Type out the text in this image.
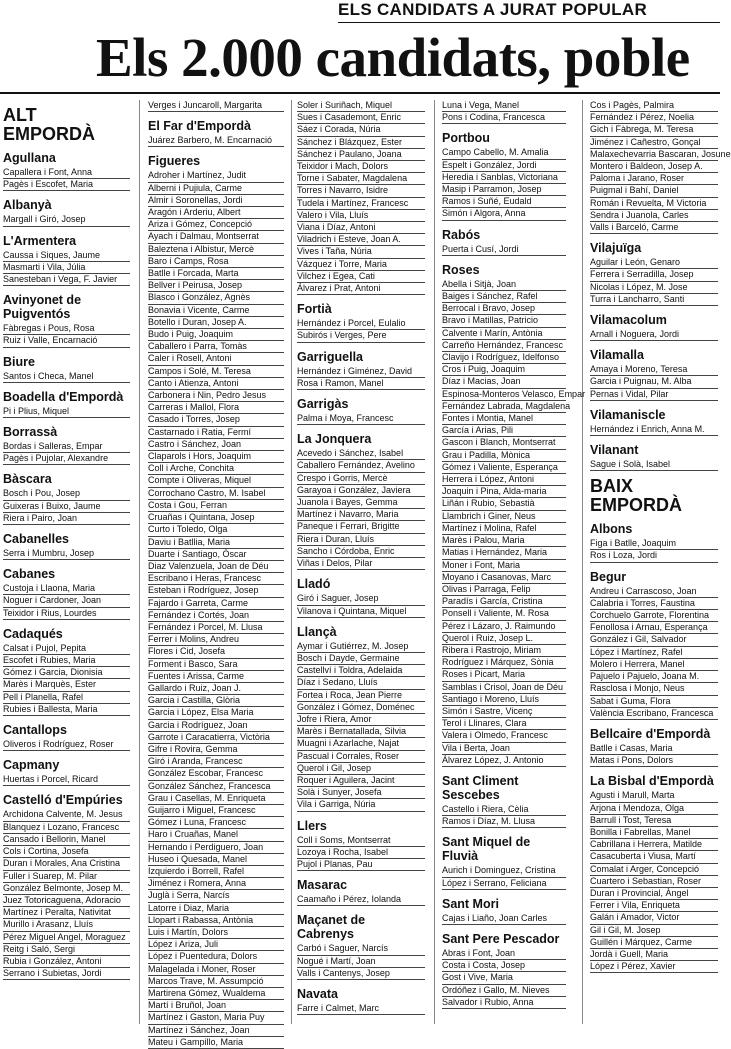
ELS CANDIDATS A JURAT POPULAR
Els 2.000 candidats, poble
ALT EMPORDÀ
Agullana
Capallera i Font, Anna
Pagès i Escofet, Maria
Albanyà
Margall i Giró, Josep
L'Armentera
Caussa i Siques, Jaume
Masmarti i Vila, Júlia
Sanesteban i Vega, F. Javier
Avinyonet de Puigventós
Fàbregas i Pous, Rosa
Ruiz i Valle, Encarnació
Biure
Santos i Checa, Manel
Boadella d'Empordà
Pi i Plius, Miquel
Borrassà
Bordas i Salleras, Empar
Pagès i Pujolar, Alexandre
Bàscara
Bosch i Pou, Josep
Guixeras i Buixo, Jaume
Riera i Pairo, Joan
Cabanelles
Serra i Mumbru, Josep
Cabanes
Custoja i Llaona, Maria
Noguer i Cardoner, Joan
Teixidor i Rius, Lourdes
Cadaqués
Calsat i Pujol, Pepita
Escofet i Rubies, Maria
Gómez i Garcia, Dionisia
Marès i Marquès, Ester
Pell i Planella, Rafel
Rubies i Ballesta, Maria
Cantallops
Oliveros i Rodríguez, Roser
Capmany
Huertas i Porcel, Ricard
Castelló d'Empúries
Archidona Calvente, M. Jesus
Blanquez i Lozano, Francesc
Cansado i Bellorin, Manel
Cols i Cortina, Josefa
Duran i Morales, Ana Cristina
Fuller i Suarep, M. Pilar
González Belmonte, Josep M.
Juez Totoricaguena, Adoracio
Martínez i Peralta, Nativitat
Murillo i Arasanz, Lluís
Pérez Miguel Angel, Moraguez
Reitg i Saló, Sergi
Rubia i González, Antoni
Serrano i Subietas, Jordi
Verges i Juncaroll, Margarita
El Far d'Empordà
Juárez Barbero, M. Encarnació
Figueres
Adroher i Martínez, Judit
Alberni i Pujiula, Carme
Almir i Soronellas, Jordi
Aragón i Arderiu, Albert
Ariza i Gómez, Concepció
Ayach i Dalmau, Montserrat
Baleztena i Albistur, Mercè
Baro i Camps, Rosa
Batlle i Forcada, Marta
Bellver i Peirusa, Josep
Blasco i González, Agnès
Bonavia i Vicente, Carme
Botello i Duran, Josep A.
Budo i Puig, Joaquim
Caballero i Parra, Tomàs
Caler i Rosell, Antoni
Campos i Solé, M. Teresa
Canto i Atienza, Antoni
Carbonera i Nin, Pedro Jesus
Carreras i Mallol, Flora
Casado i Torres, Josep
Castarnado i Ratia, Fermí
Castro i Sánchez, Joan
Claparols i Hors, Joaquim
Coll i Arche, Conchita
Compte i Oliveras, Miquel
Corrochano Castro, M. Isabel
Costa i Gou, Ferran
Cruañas i Quintana, Josep
Curto i Toledo, Olga
Daviu i Batllia, Maria
Duarte i Santiago, Òscar
Diaz Valenzuela, Joan de Déu
Escribano i Heras, Francesc
Esteban i Rodríguez, Josep
Fajardo i Garreta, Carme
Fernández i Cortés, Joan
Fernández i Porcel, M. Llusa
Ferrer i Molins, Andreu
Flores i Cid, Josefa
Forment i Basco, Sara
Fuentes i Arissa, Carme
Gallardo i Ruiz, Joan J.
Garcia i Castilla, Glòria
Garcia i López, Elsa Maria
Garcia i Rodríguez, Joan
Garrote i Caracatierra, Victòria
Gifre i Rovira, Gemma
Giró i Aranda, Francesc
González Escobar, Francesc
González Sánchez, Francesca
Grau i Casellas, M. Enriqueta
Guijarro i Miguel, Francesc
Gómez i Luna, Francesc
Haro i Cruañas, Manel
Hernando i Perdiguero, Joan
Huseo i Quesada, Manel
Izquierdo i Borrell, Rafel
Jiménez i Romera, Anna
Juglà i Serra, Narcís
Latorre i Diaz, Maria
Llopart i Rabassa, Antònia
Luis i Martín, Dolors
López i Ariza, Juli
López i Puentedura, Dolors
Malagelada i Moner, Roser
Marcos Trave, M. Assumpció
Martirena Gómez, Wualdema
Martí i Bruñol, Joan
Martínez i Gaston, Maria Puy
Martínez i Sánchez, Joan
Mateu i Gampillo, Maria
Soler i Suriñach, Miquel
Sues i Casademont, Enric
Sáez i Corada, Núria
Sánchez i Blázquez, Ester
Sánchez i Paulano, Joana
Teixidor i Mach, Dolors
Torne i Sabater, Magdalena
Torres i Navarro, Isidre
Tudela i Martínez, Francesc
Valero i Vila, Lluís
Viana i Díaz, Antoni
Viladrich i Esteve, Joan A.
Vives i Taña, Núria
Vázquez i Torre, Maria
Vilchez i Egea, Cati
Álvarez i Prat, Antoni
Fortià
Hernández i Porcel, Eulalio
Subirós i Verges, Pere
Garriguella
Hernández i Giménez, David
Rosa i Ramon, Manel
Garrigàs
Palma i Moya, Francesc
La Jonquera
Acevedo i Sánchez, Isabel
Caballero Fernández, Avelino
Crespo i Gorris, Mercè
Garayoa i González, Javiera
Juanola i Bayes, Gemma
Martínez i Navarro, Maria
Paneque i Ferrari, Brigitte
Riera i Duran, Lluís
Sancho i Córdoba, Enric
Viñas i Delos, Pilar
Lladó
Giró i Saguer, Josep
Vilanova i Quintana, Miquel
Llançà
Aymar i Gutiérrez, M. Josep
Bosch i Dayde, Germaine
Castellví i Toldra, Adelaida
Díaz i Sedano, Lluís
Fortea i Roca, Jean Pierre
González i Gómez, Doménec
Jofre i Riera, Amor
Marès i Bernatallada, Silvia
Muagni i Azarlache, Najat
Pascual i Corrales, Roser
Querol i Gil, Josep
Roquer i Aguilera, Jacint
Solà i Sunyer, Josefa
Vila i Garriga, Núria
Llers
Coll i Soms, Montserrat
Lozoya i Rocha, Isabel
Pujol i Planas, Pau
Masarac
Caamaño i Pérez, Iolanda
Maçanet de Cabrenys
Carbó i Saguer, Narcís
Nogué i Martí, Joan
Valls i Cantenys, Josep
Navata
Farre i Calmet, Marc
Luna i Vega, Manel
Pons i Codina, Francesca
Portbou
Campo Cabello, M. Amalia
Espelt i González, Jordi
Heredia i Sanblas, Victoriana
Masip i Parramon, Josep
Ramos i Suñé, Eudald
Simón i Algora, Anna
Rabós
Puerta i Cusí, Jordi
Roses
Abella i Sitjà, Joan
Baiges i Sánchez, Rafel
Berrocal i Bravo, Josep
Bravo i Matillas, Patricio
Calvente i Marín, Antònia
Carreño Hernández, Francesc
Clavijo i Rodríguez, Idelfonso
Cros i Puig, Joaquim
Díaz i Macias, Joan
Espinosa-Monteros Velasco, Empar
Fernández Labrada, Magdalena
Fontes i Montia, Manel
García i Arias, Pili
Gascon i Blanch, Montserrat
Grau i Padilla, Mònica
Gómez i Valiente, Esperança
Herrera i López, Antoni
Joaquin i Pina, Alda-maria
Liñán i Rubio, Sebastià
Llambrich i Giner, Neus
Martínez i Molina, Rafel
Marès i Palou, Maria
Matias i Hernández, Maria
Moner i Font, Maria
Moyano i Casanovas, Marc
Olivas i Parraga, Felip
Paradís i García, Cristina
Ponsell i Valiente, M. Rosa
Pérez i Lázaro, J. Raimundo
Querol i Ruiz, Josep L.
Ribera i Rastrojo, Miriam
Rodríguez i Márquez, Sònia
Roses i Picart, Maria
Samblas i Crisol, Joan de Déu
Santiago i Moreno, Lluís
Simón i Sastre, Vicenç
Terol i Llinares, Clara
Valera i Olmedo, Francesc
Vila i Berta, Joan
Álvarez López, J. Antonio
Sant Climent Sescebes
Castello i Riera, Cèlia
Ramos i Díaz, M. Llusa
Sant Miquel de Fluvià
Aurich i Dominguez, Cristina
López i Serrano, Feliciana
Sant Mori
Cajas i Liaño, Joan Carles
Sant Pere Pescador
Abras i Font, Joan
Costa i Costa, Josep
Gost i Vive, Maria
Ordóñez i Gallo, M. Nieves
Salvador i Rubio, Anna
Cos i Pagès, Palmira
Fernández i Pérez, Noelia
Gich i Fàbrega, M. Teresa
Jiménez i Cañestro, Gonçal
Malaxechevarria Bascaran, Josune
Montero i Baldeon, Josep A.
Paloma i Jarano, Roser
Puigmal i Bahí, Daniel
Román i Revuelta, M Victoria
Sendra i Juanola, Carles
Valls i Barceló, Carme
Vilajuïga
Aguilar i León, Genaro
Ferrera i Serradilla, Josep
Nicolas i López, M. Jose
Turra i Lancharro, Santi
Vilamacolum
Arnall i Noguera, Jordi
Vilamalla
Amaya i Moreno, Teresa
Garcia i Puignau, M. Alba
Pernas i Vidal, Pilar
Vilamaniscle
Hernández i Enrich, Anna M.
Vilanant
Sague i Solà, Isabel
BAIX EMPORDÀ
Albons
Figa i Batlle, Joaquim
Ros i Loza, Jordi
Begur
Andreu i Carrascoso, Joan
Calabria i Torres, Faustina
Corchuelo Garrote, Florentina
Fenollosa i Arnau, Esperança
González i Gil, Salvador
López i Martínez, Rafel
Molero i Herrera, Manel
Pajuelo i Pajuelo, Joana M.
Rasclosa i Monjo, Neus
Sabat i Guma, Flora
València Escribano, Francesca
Bellcaire d'Empordà
Batlle i Casas, Maria
Matas i Pons, Dolors
La Bisbal d'Empordà
Agusti i Marull, Marta
Arjona i Mendoza, Olga
Barrull i Tost, Teresa
Bonilla i Fabrellas, Manel
Cabrillana i Herrera, Matilde
Casacuberta i Viusa, Martí
Comalat i Arger, Concepció
Cuartero i Sebastian, Roser
Duran i Provincial, Àngel
Ferrer i Vila, Enriqueta
Galán i Amador, Victor
Gil i Gil, M. Josep
Guillén i Márquez, Carme
Jordà i Guell, Maria
López i Pérez, Xavier
